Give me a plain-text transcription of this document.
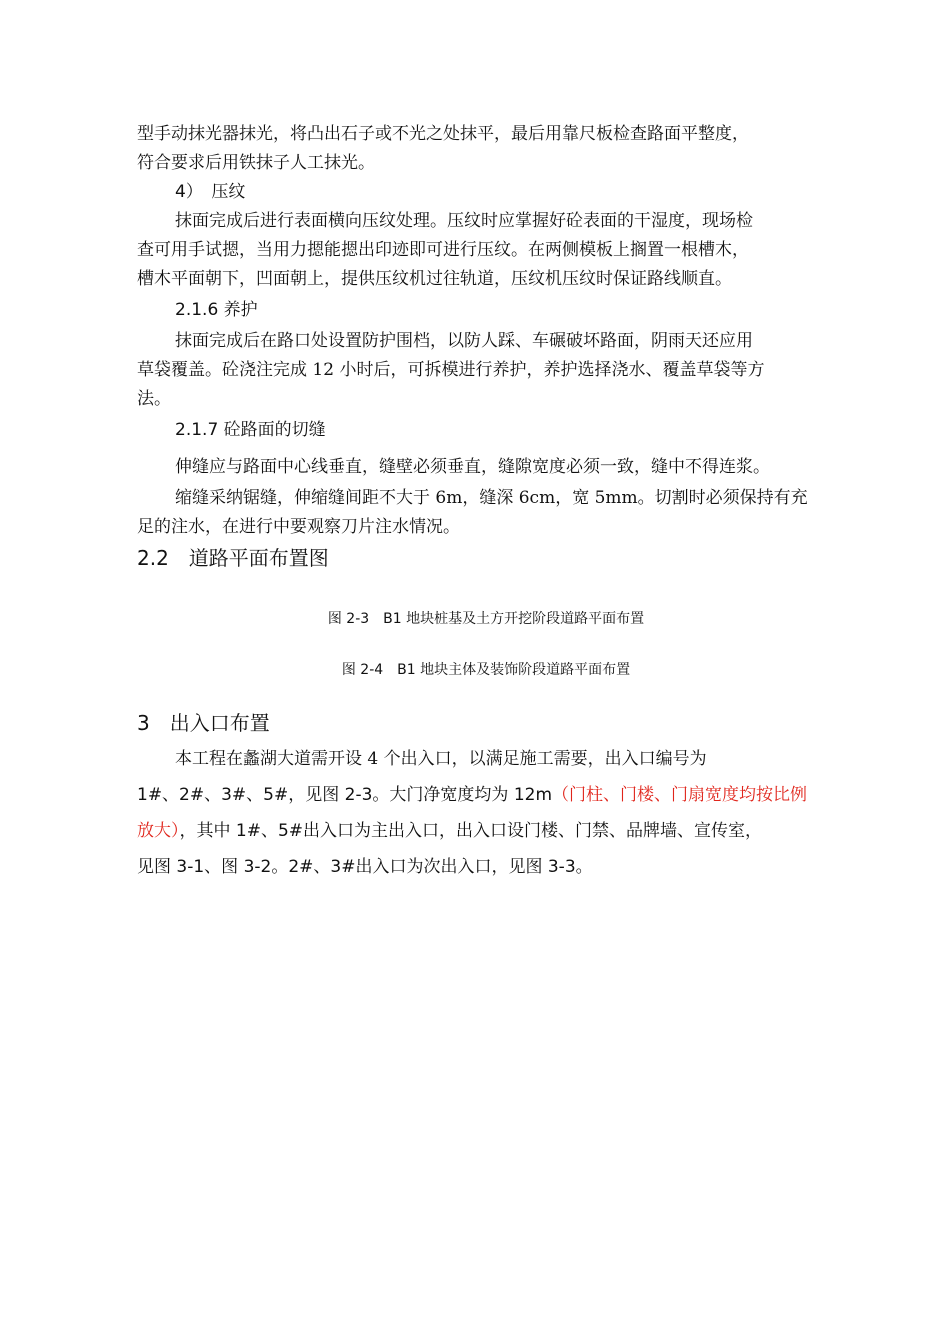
型手动抹光器抹光，将凸出石子或不光之处抹平，最后用靠尺板检查路面平整度，

符合要求后用铁抹子人工抹光。

4）　压纹

抹面完成后进行表面横向压纹处理。压纹时应掌握好砼表面的干湿度，现场检

查可用手试摁，当用力摁能摁出印迹即可进行压纹。在两侧模板上搁置一根槽木，

槽木平面朝下，凹面朝上，提供压纹机过往轨道，压纹机压纹时保证路线顺直。

2.1.6 养护

抹面完成后在路口处设置防护围档，以防人踩、车碾破坏路面，阴雨天还应用

草袋覆盖。砼浇注完成 12 小时后，可拆模进行养护，养护选择浇水、覆盖草袋等方

法。

2.1.7 砼路面的切缝

伸缝应与路面中心线垂直，缝壁必须垂直，缝隙宽度必须一致，缝中不得连浆。

缩缝采纳锯缝，伸缩缝间距不大于 6m，缝深 6cm，宽 5mm。切割时必须保持有充

足的注水，在进行中要观察刀片注水情况。

2.2　道路平面布置图

图 2-3　B1 地块桩基及土方开挖阶段道路平面布置

图 2-4　B1 地块主体及装饰阶段道路平面布置

3　出入口布置

本工程在蠡湖大道需开设 4 个出入口，以满足施工需要，出入口编号为

1#、2#、3#、5#，见图 2-3。大门净宽度均为 12m（门柱、门楼、门扇宽度均按比例

放大），其中 1#、5#出入口为主出入口，出入口设门楼、门禁、品牌墙、宣传室，

见图 3-1、图 3-2。2#、3#出入口为次出入口，见图 3-3。
